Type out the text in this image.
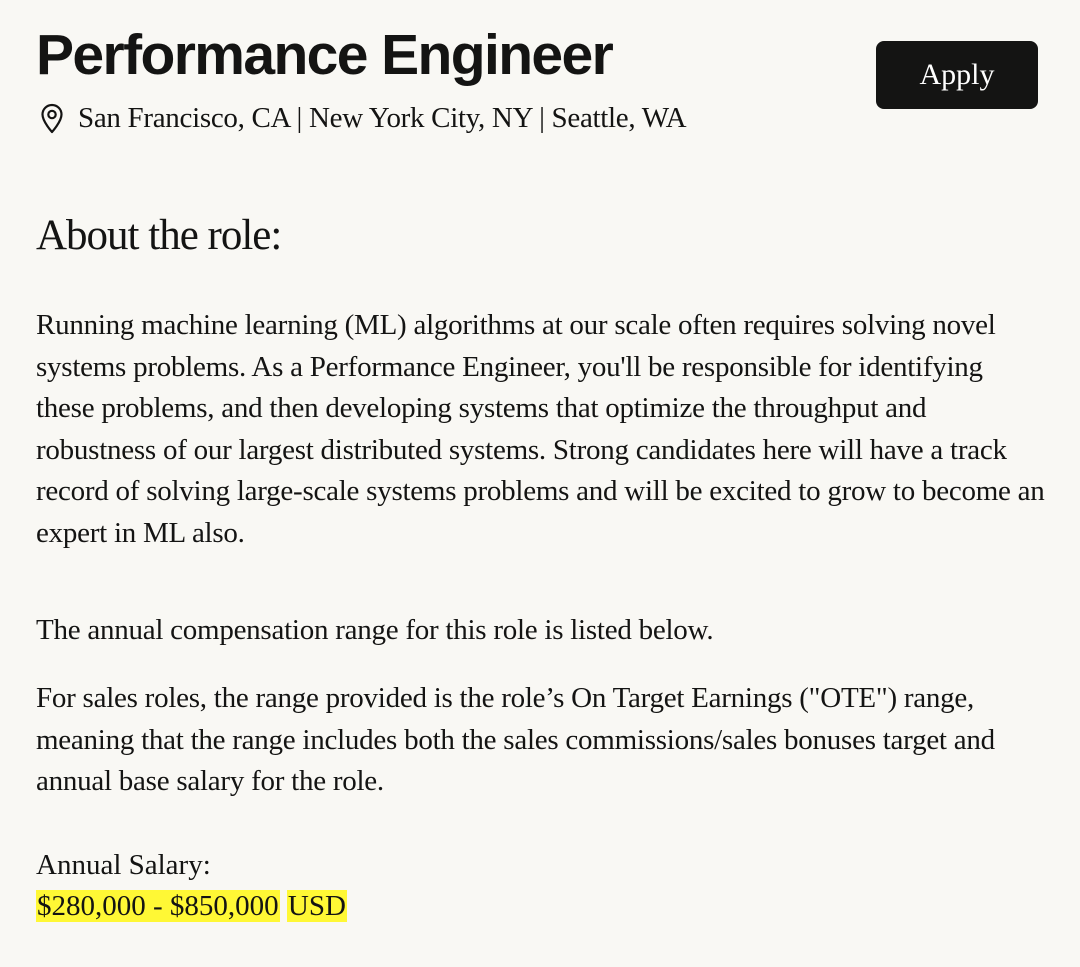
Performance Engineer	Apply
San Francisco, CA | New York City, NY | Seattle, WA
About the role:

Running machine learning (ML) algorithms at our scale often requires solving novel systems problems. As a Performance Engineer, you'll be responsible for identifying these problems, and then developing systems that optimize the throughput and robustness of our largest distributed systems. Strong candidates here will have a track record of solving large-scale systems problems and will be excited to grow to become an expert in ML also.

The annual compensation range for this role is listed below.

For sales roles, the range provided is the role’s On Target Earnings ("OTE") range, meaning that the range includes both the sales commissions/sales bonuses target and annual base salary for the role.

Annual Salary:

$280,000 - $850,000 USD
